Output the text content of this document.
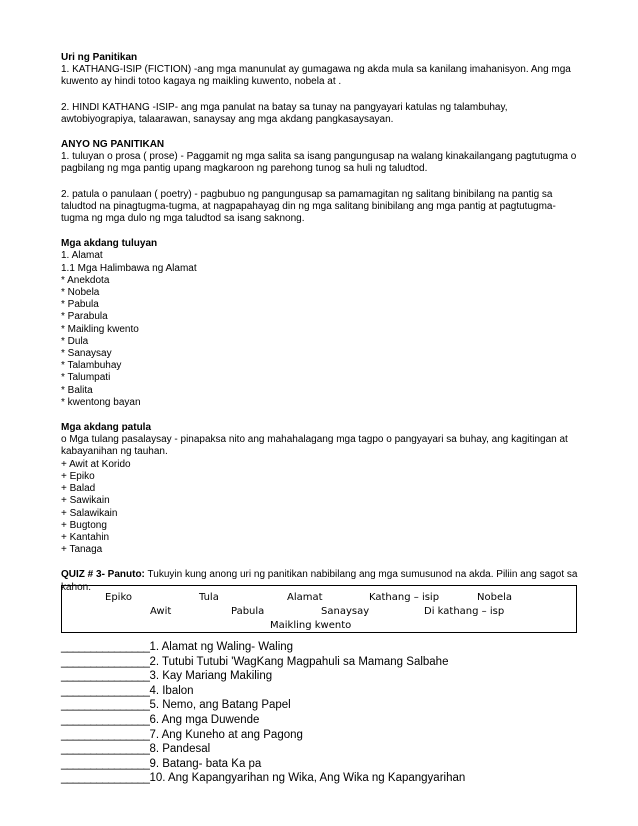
Uri ng Panitikan

1. KATHANG-ISIP (FICTION) -ang mga manunulat ay gumagawa ng akda mula sa kanilang imahanisyon. Ang mga kuwento ay hindi totoo kagaya ng maikling kuwento, nobela at .

2. HINDI KATHANG -ISIP- ang mga panulat na batay sa tunay na pangyayari katulas ng talambuhay, awtobiyograpiya, talaarawan, sanaysay ang mga akdang pangkasaysayan.

ANYO NG PANITIKAN

1. tuluyan o prosa ( prose) - Paggamit ng mga salita sa isang pangungusap na walang kinakailangang pagtutugma o pagbilang ng mga pantig upang magkaroon ng parehong tunog sa huli ng taludtod.

2. patula o panulaan ( poetry) - pagbubuo ng pangungusap sa pamamagitan ng salitang binibilang na pantig sa taludtod na pinagtugma-tugma, at nagpapahayag din ng mga salitang binibilang ang mga pantig at pagtutugma-tugma ng mga dulo ng mga taludtod sa isang saknong.

Mga akdang tuluyan

1. Alamat

1.1 Mga Halimbawa ng Alamat

* Anekdota

* Nobela

* Pabula

* Parabula

* Maikling kwento

* Dula

* Sanaysay

* Talambuhay

* Talumpati

* Balita

* kwentong bayan

Mga akdang patula

o Mga tulang pasalaysay - pinapaksa nito ang mahahalagang mga tagpo o pangyayari sa buhay, ang kagitingan at kabayanihan ng tauhan.

+ Awit at Korido

+ Epiko

+ Balad

+ Sawikain

+ Salawikain

+ Bugtong

+ Kantahin

+ Tanaga

QUIZ # 3- Panuto: Tukuyin kung anong uri ng panitikan nabibilang ang mga sumusunod na akda. Piliin ang sagot sa kahon.

Epiko	Tula	Alamat	Kathang – isip	Nobela
Awit	Pabula	Sanaysay	Di kathang – isp
Maikling kwento
_______________1. Alamat ng Waling- Waling
_______________2. Tutubi Tutubi 'WagKang Magpahuli sa Mamang Salbahe
_______________3. Kay Mariang Makiling
_______________4. Ibalon
_______________5. Nemo, ang Batang Papel
_______________6. Ang mga Duwende
_______________7. Ang Kuneho at ang Pagong
_______________8. Pandesal
_______________9. Batang- bata Ka pa
_______________10. Ang Kapangyarihan ng Wika, Ang Wika ng Kapangyarihan
